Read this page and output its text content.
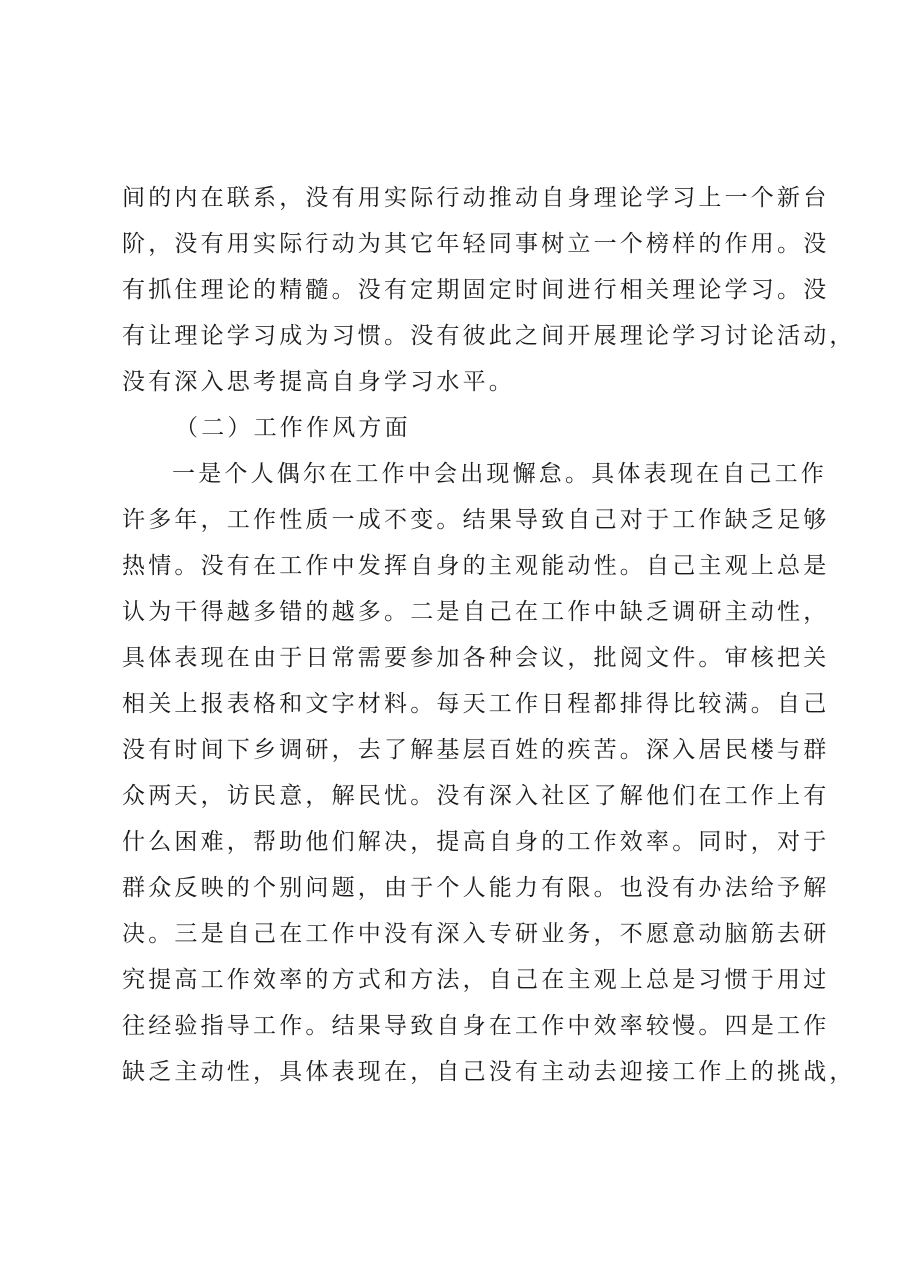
间的内在联系，没有用实际行动推动自身理论学习上一个新台
阶，没有用实际行动为其它年轻同事树立一个榜样的作用。没
有抓住理论的精髓。没有定期固定时间进行相关理论学习。没
有让理论学习成为习惯。没有彼此之间开展理论学习讨论活动，
没有深入思考提高自身学习水平。
（二）工作作风方面
一是个人偶尔在工作中会出现懈怠。具体表现在自己工作
许多年，工作性质一成不变。结果导致自己对于工作缺乏足够
热情。没有在工作中发挥自身的主观能动性。自己主观上总是
认为干得越多错的越多。二是自己在工作中缺乏调研主动性，
具体表现在由于日常需要参加各种会议，批阅文件。审核把关
相关上报表格和文字材料。每天工作日程都排得比较满。自己
没有时间下乡调研，去了解基层百姓的疾苦。深入居民楼与群
众两天，访民意，解民忧。没有深入社区了解他们在工作上有
什么困难，帮助他们解决，提高自身的工作效率。同时，对于
群众反映的个别问题，由于个人能力有限。也没有办法给予解
决。三是自己在工作中没有深入专研业务，不愿意动脑筋去研
究提高工作效率的方式和方法，自己在主观上总是习惯于用过
往经验指导工作。结果导致自身在工作中效率较慢。四是工作
缺乏主动性，具体表现在，自己没有主动去迎接工作上的挑战，
